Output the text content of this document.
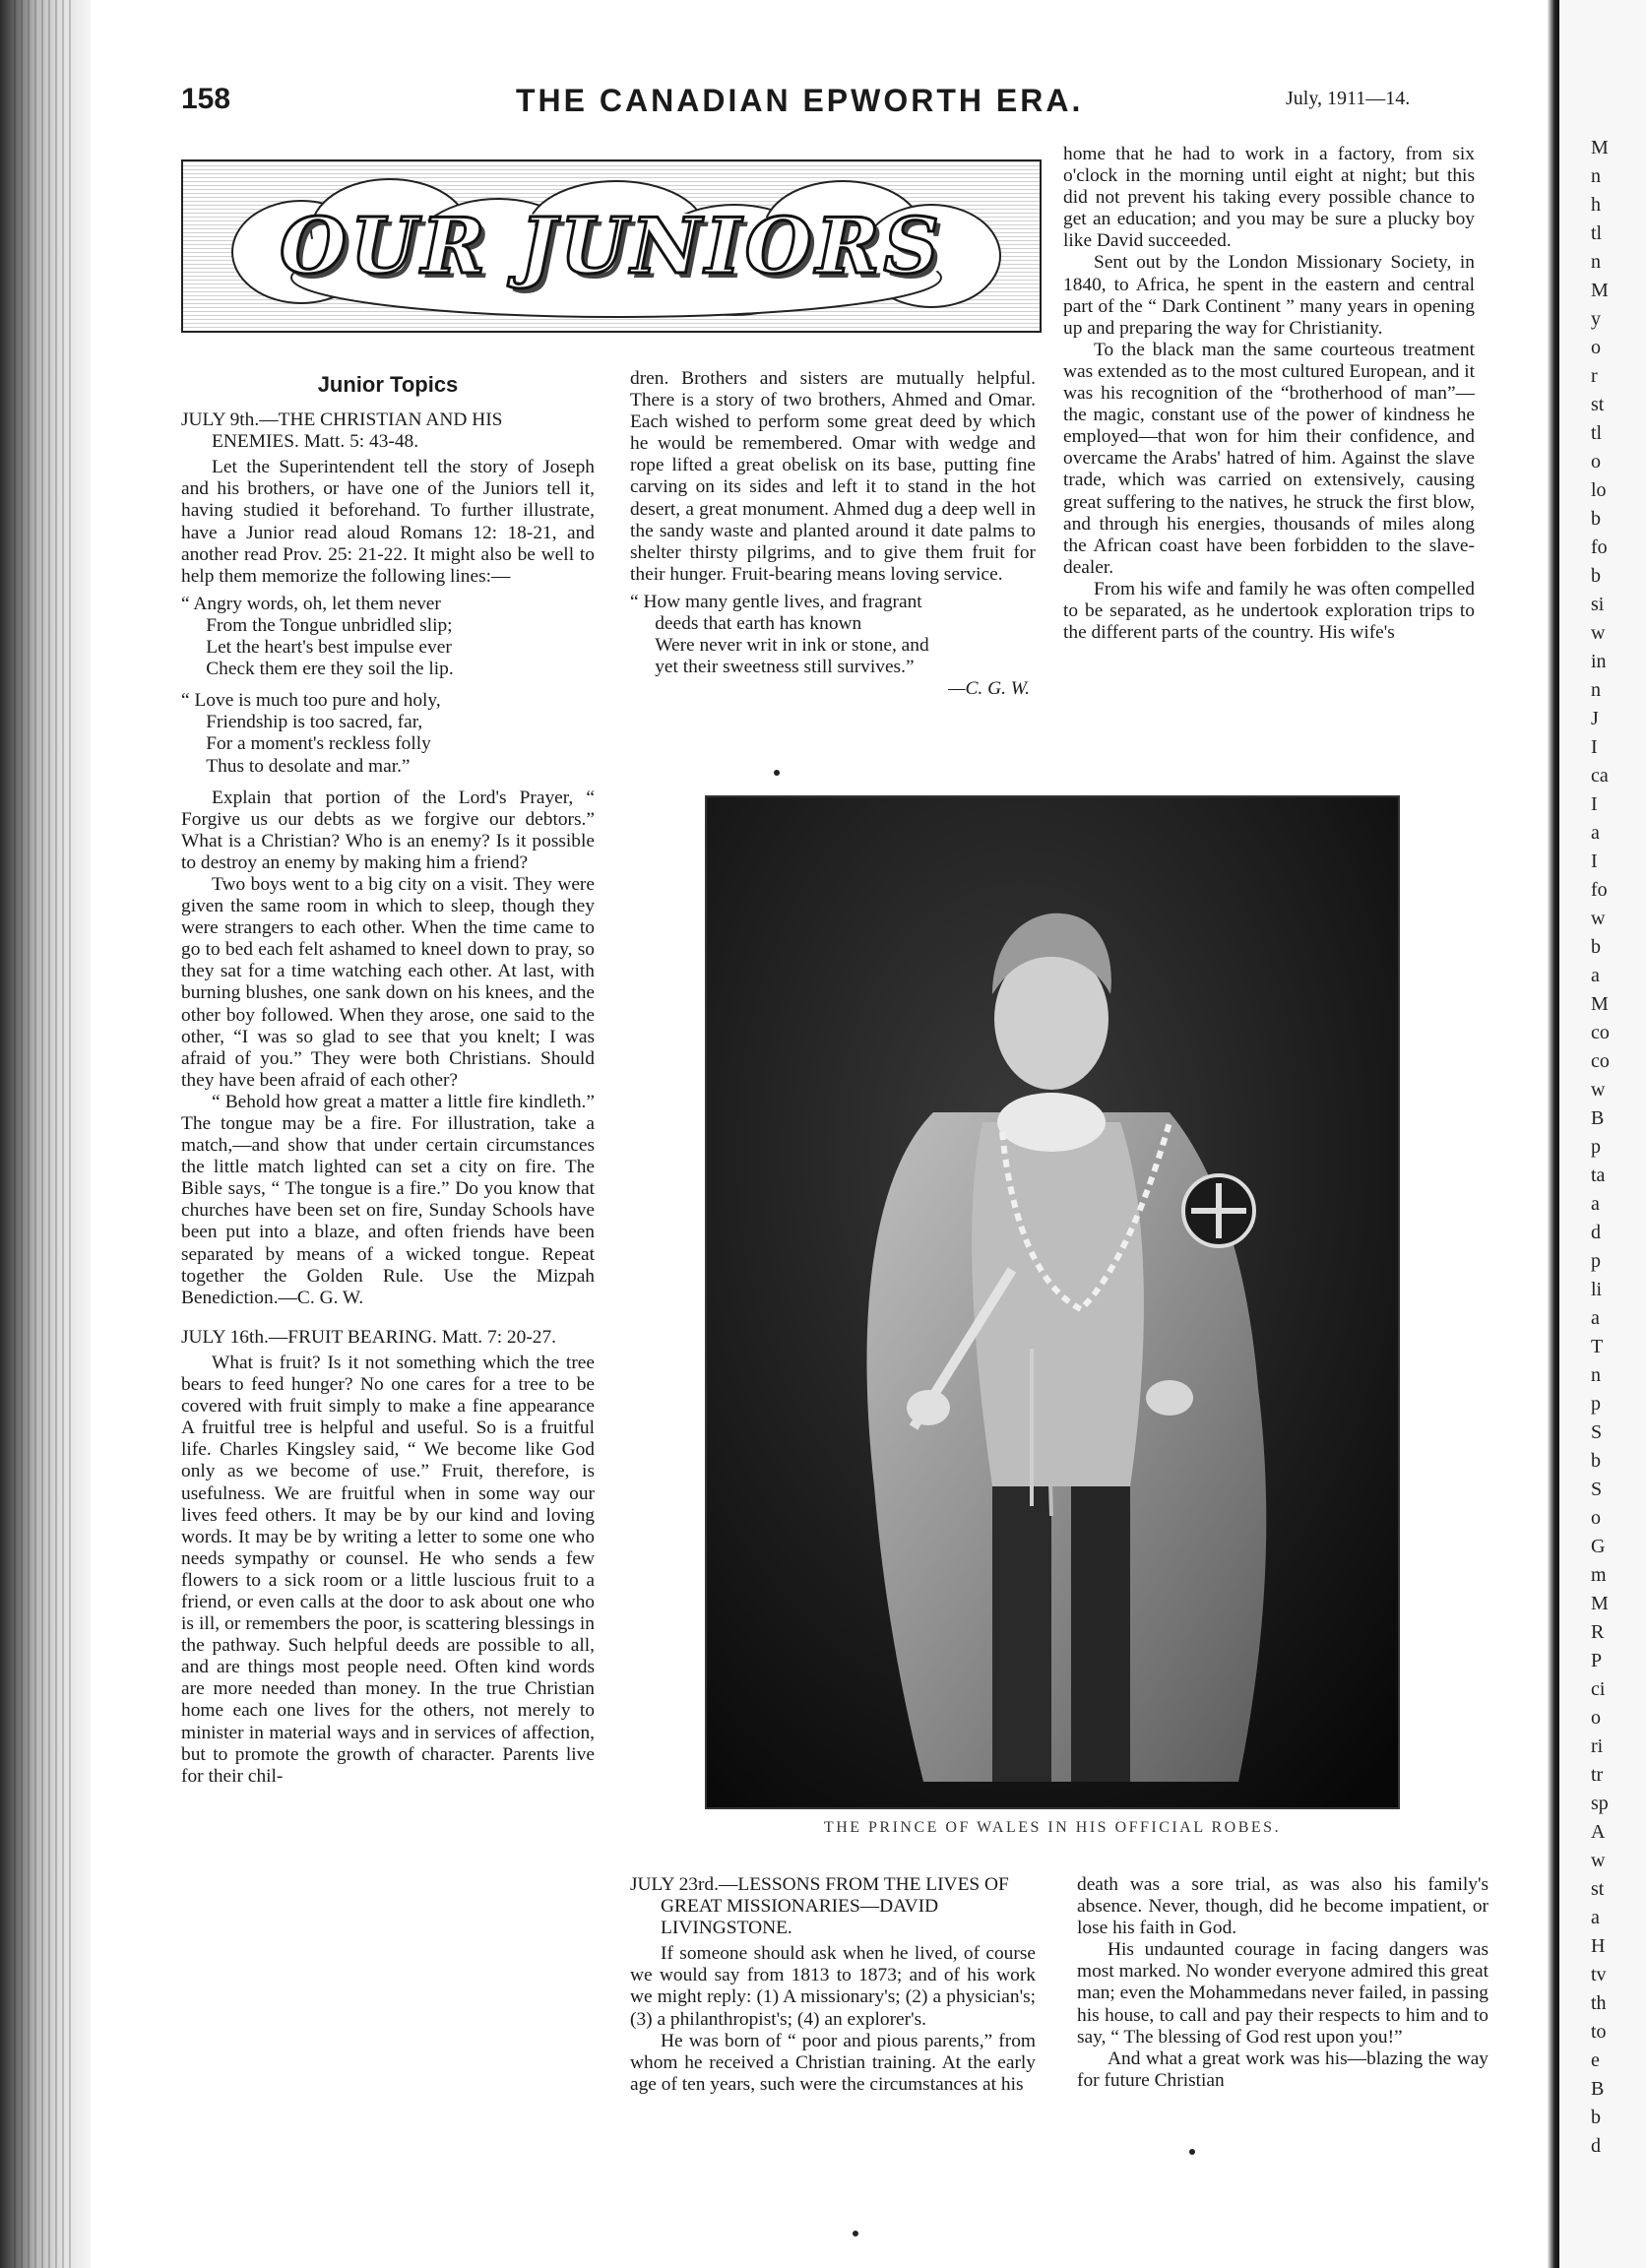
M
n
h
tl
n
M
y
o
r
st
tl
o
lo
b
fo
b
si
w
in
n
J
I
ca
I
a
I
fo
w
b
a
M
co
co
w
B
p
ta
a
d
p
li
a
T
n
p
S
b
S
o
G
m
M
R
P
ci
o
ri
tr
sp
A
w
st
a
H
tv
th
to
e
B
b
d
158	THE CANADIAN EPWORTH ERA.	July, 1911—14.
OUR JUNIORS
Junior Topics

JULY 9th.—THE CHRISTIAN AND HIS ENEMIES. Matt. 5: 43-48.

Let the Superintendent tell the story of Joseph and his brothers, or have one of the Juniors tell it, having studied it beforehand. To further illustrate, have a Junior read aloud Romans 12: 18-21, and another read Prov. 25: 21-22. It might also be well to help them memorize the following lines:—

“ Angry words, oh, let them never
From the Tongue unbridled slip;
Let the heart's best impulse ever
Check them ere they soil the lip.
“ Love is much too pure and holy,
Friendship is too sacred, far,
For a moment's reckless folly
Thus to desolate and mar.”

Explain that portion of the Lord's Prayer, “ Forgive us our debts as we forgive our debtors.” What is a Christian? Who is an enemy? Is it possible to destroy an enemy by making him a friend?

Two boys went to a big city on a visit. They were given the same room in which to sleep, though they were strangers to each other. When the time came to go to bed each felt ashamed to kneel down to pray, so they sat for a time watching each other. At last, with burning blushes, one sank down on his knees, and the other boy followed. When they arose, one said to the other, “I was so glad to see that you knelt; I was afraid of you.” They were both Christians. Should they have been afraid of each other?

“ Behold how great a matter a little fire kindleth.” The tongue may be a fire. For illustration, take a match,—and show that under certain circumstances the little match lighted can set a city on fire. The Bible says, “ The tongue is a fire.” Do you know that churches have been set on fire, Sunday Schools have been put into a blaze, and often friends have been separated by means of a wicked tongue. Repeat together the Golden Rule. Use the Mizpah Benediction.—C. G. W.

JULY 16th.—FRUIT BEARING. Matt. 7: 20-27.

What is fruit? Is it not something which the tree bears to feed hunger? No one cares for a tree to be covered with fruit simply to make a fine appearance A fruitful tree is helpful and useful. So is a fruitful life. Charles Kingsley said, “ We become like God only as we become of use.” Fruit, therefore, is usefulness. We are fruitful when in some way our lives feed others. It may be by our kind and loving words. It may be by writing a letter to some one who needs sympathy or counsel. He who sends a few flowers to a sick room or a little luscious fruit to a friend, or even calls at the door to ask about one who is ill, or remembers the poor, is scattering blessings in the pathway. Such helpful deeds are possible to all, and are things most people need. Often kind words are more needed than money. In the true Christian home each one lives for the others, not merely to minister in material ways and in services of affection, but to promote the growth of character. Parents live for their chil-

dren. Brothers and sisters are mutually helpful. There is a story of two brothers, Ahmed and Omar. Each wished to perform some great deed by which he would be remembered. Omar with wedge and rope lifted a great obelisk on its base, putting fine carving on its sides and left it to stand in the hot desert, a great monument. Ahmed dug a deep well in the sandy waste and planted around it date palms to shelter thirsty pilgrims, and to give them fruit for their hunger. Fruit-bearing means loving service.

“ How many gentle lives, and fragrant
deeds that earth has known
Were never writ in ink or stone, and
yet their sweetness still survives.”
—C. G. W.

home that he had to work in a factory, from six o'clock in the morning until eight at night; but this did not prevent his taking every possible chance to get an education; and you may be sure a plucky boy like David succeeded.

Sent out by the London Missionary Society, in 1840, to Africa, he spent in the eastern and central part of the “ Dark Continent ” many years in opening up and preparing the way for Christianity.

To the black man the same courteous treatment was extended as to the most cultured European, and it was his recognition of the “brotherhood of man”—the magic, constant use of the power of kindness he employed—that won for him their confidence, and overcame the Arabs' hatred of him. Against the slave trade, which was carried on extensively, causing great suffering to the natives, he struck the first blow, and through his energies, thousands of miles along the African coast have been forbidden to the slave-dealer.

From his wife and family he was often compelled to be separated, as he undertook exploration trips to the different parts of the country. His wife's

THE PRINCE OF WALES IN HIS OFFICIAL ROBES.

JULY 23rd.—LESSONS FROM THE LIVES OF GREAT MISSIONARIES—DAVID LIVINGSTONE.

If someone should ask when he lived, of course we would say from 1813 to 1873; and of his work we might reply: (1) A missionary's; (2) a physician's; (3) a philanthropist's; (4) an explorer's.

He was born of “ poor and pious parents,” from whom he received a Christian training. At the early age of ten years, such were the circumstances at his

death was a sore trial, as was also his family's absence. Never, though, did he become impatient, or lose his faith in God.

His undaunted courage in facing dangers was most marked. No wonder everyone admired this great man; even the Mohammedans never failed, in passing his house, to call and pay their respects to him and to say, “ The blessing of God rest upon you!”

And what a great work was his—blazing the way for future Christian
